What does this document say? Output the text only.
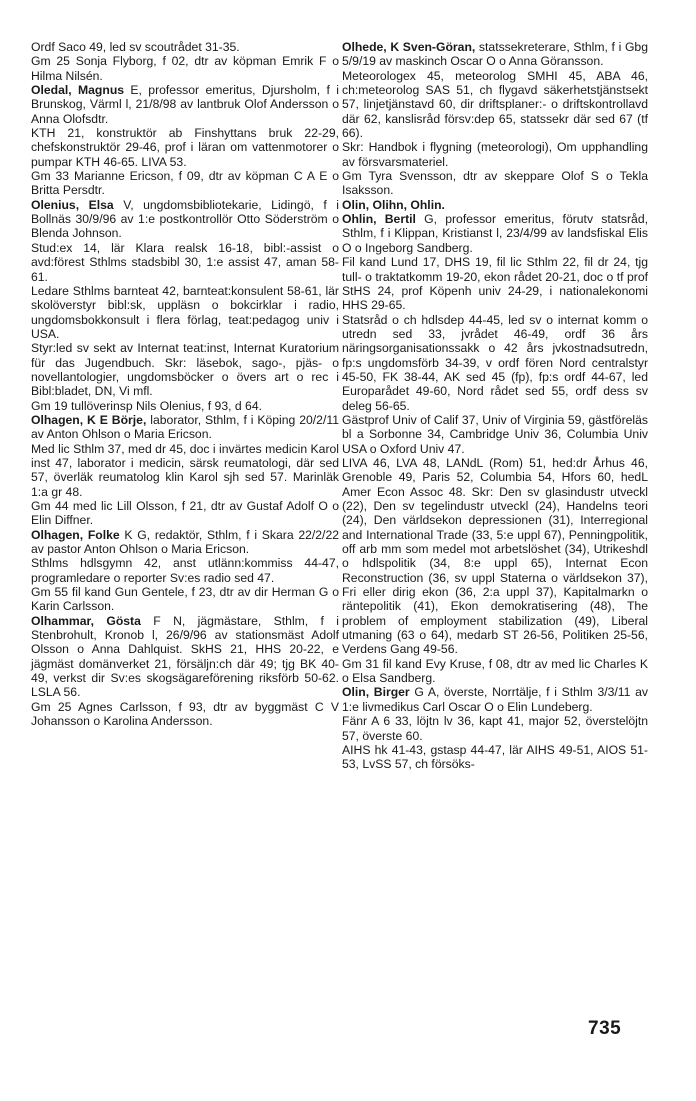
Ordf Saco 49, led sv scoutrådet 31-35.

Gm 25 Sonja Flyborg, f 02, dtr av köpman Emrik F o Hilma Nilsén.

Oledal, Magnus E, professor emeritus, Djursholm, f i Brunskog, Värml l, 21/8/98 av lantbruk Olof Andersson o Anna Olofsdtr.

KTH 21, konstruktör ab Finshyttans bruk 22-29, chefskonstruktör 29-46, prof i läran om vattenmotorer o pumpar KTH 46-65. LIVA 53.

Gm 33 Marianne Ericson, f 09, dtr av köpman C A E o Britta Persdtr.

Olenius, Elsa V, ungdomsbibliotekarie, Lidingö, f i Bollnäs 30/9/96 av 1:e postkontrollör Otto Söderström o Blenda Johnson.

Stud:ex 14, lär Klara realsk 16-18, bibl:-assist o avd:förest Sthlms stadsbibl 30, 1:e assist 47, aman 58-61.

Ledare Sthlms barnteat 42, barnteat:konsulent 58-61, lär skolöverstyr bibl:sk, uppläsn o bokcirklar i radio, ungdomsbokkonsult i flera förlag, teat:pedagog univ i USA.

Styr:led sv sekt av Internat teat:inst, Internat Kuratorium für das Jugendbuch. Skr: läsebok, sago-, pjäs- o novellantologier, ungdomsböcker o övers art o rec i Bibl:bladet, DN, Vi mfl.

Gm 19 tullöverinsp Nils Olenius, f 93, d 64.

Olhagen, K E Börje, laborator, Sthlm, f i Köping 20/2/11 av Anton Ohlson o Maria Ericson.

Med lic Sthlm 37, med dr 45, doc i invärtes medicin Karol inst 47, laborator i medicin, särsk reumatologi, där sed 57, överläk reumatolog klin Karol sjh sed 57. Marinläk 1:a gr 48.

Gm 44 med lic Lill Olsson, f 21, dtr av Gustaf Adolf O o Elin Diffner.

Olhagen, Folke K G, redaktör, Sthlm, f i Skara 22/2/22 av pastor Anton Ohlson o Maria Ericson.

Sthlms hdlsgymn 42, anst utlänn:kommiss 44-47, programledare o reporter Sv:es radio sed 47.

Gm 55 fil kand Gun Gentele, f 23, dtr av dir Herman G o Karin Carlsson.

Olhammar, Gösta F N, jägmästare, Sthlm, f i Stenbrohult, Kronob l, 26/9/96 av stationsmäst Adolf Olsson o Anna Dahlquist. SkHS 21, HHS 20-22, e jägmäst domänverket 21, försäljn:ch där 49; tjg BK 40-49, verkst dir Sv:es skogsägareförening riksförb 50-62. LSLA 56.

Gm 25 Agnes Carlsson, f 93, dtr av byggmäst C V Johansson o Karolina Andersson.

Olhede, K Sven-Göran, statssekreterare, Sthlm, f i Gbg 5/9/19 av maskinch Oscar O o Anna Göransson.

Meteorologex 45, meteorolog SMHI 45, ABA 46, ch:meteorolog SAS 51, ch flygavd säkerhetstjänstsekt 57, linjetjänstavd 60, dir driftsplaner:- o driftskontrollavd där 62, kanslisråd försv:dep 65, statssekr där sed 67 (tf 66).

Skr: Handbok i flygning (meteorologi), Om upphandling av försvarsmateriel.

Gm Tyra Svensson, dtr av skeppare Olof S o Tekla Isaksson.

Olin, Olihn, Ohlin.

Ohlin, Bertil G, professor emeritus, förutv statsråd, Sthlm, f i Klippan, Kristianst l, 23/4/99 av landsfiskal Elis O o Ingeborg Sandberg.

Fil kand Lund 17, DHS 19, fil lic Sthlm 22, fil dr 24, tjg tull- o traktatkomm 19-20, ekon rådet 20-21, doc o tf prof StHS 24, prof Köpenh univ 24-29, i nationalekonomi HHS 29-65.

Statsråd o ch hdlsdep 44-45, led sv o internat komm o utredn sed 33, jvrådet 46-49, ordf 36 års näringsorganisationssakk o 42 års jvkostnadsutredn, fp:s ungdomsförb 34-39, v ordf fören Nord centralstyr 45-50, FK 38-44, AK sed 45 (fp), fp:s ordf 44-67, led Europarådet 49-60, Nord rådet sed 55, ordf dess sv deleg 56-65.

Gästprof Univ of Calif 37, Univ of Virginia 59, gästföreläs bl a Sorbonne 34, Cambridge Univ 36, Columbia Univ USA o Oxford Univ 47.

LIVA 46, LVA 48, LANdL (Rom) 51, hed:dr Århus 46, Grenoble 49, Paris 52, Columbia 54, Hfors 60, hedL Amer Econ Assoc 48. Skr: Den sv glasindustr utveckl (22), Den sv tegelindustr utveckl (24), Handelns teori (24), Den världsekon depressionen (31), Interregional and International Trade (33, 5:e uppl 67), Penningpolitik, off arb mm som medel mot arbetslöshet (34), Utrikeshdl o hdlspolitik (34, 8:e uppl 65), Internat Econ Reconstruction (36, sv uppl Staterna o världsekon 37), Fri eller dirig ekon (36, 2:a uppl 37), Kapitalmarkn o räntepolitik (41), Ekon demokratisering (48), The problem of employment stabilization (49), Liberal utmaning (63 o 64), medarb ST 26-56, Politiken 25-56, Verdens Gang 49-56.

Gm 31 fil kand Evy Kruse, f 08, dtr av med lic Charles K o Elsa Sandberg.

Olin, Birger G A, överste, Norrtälje, f i Sthlm 3/3/11 av 1:e livmedikus Carl Oscar O o Elin Lundeberg.

Fänr A 6 33, löjtn lv 36, kapt 41, major 52, överstelöjtn 57, överste 60.

AIHS hk 41-43, gstasp 44-47, lär AIHS 49-51, AIOS 51-53, LvSS 57, ch försöks-

735
